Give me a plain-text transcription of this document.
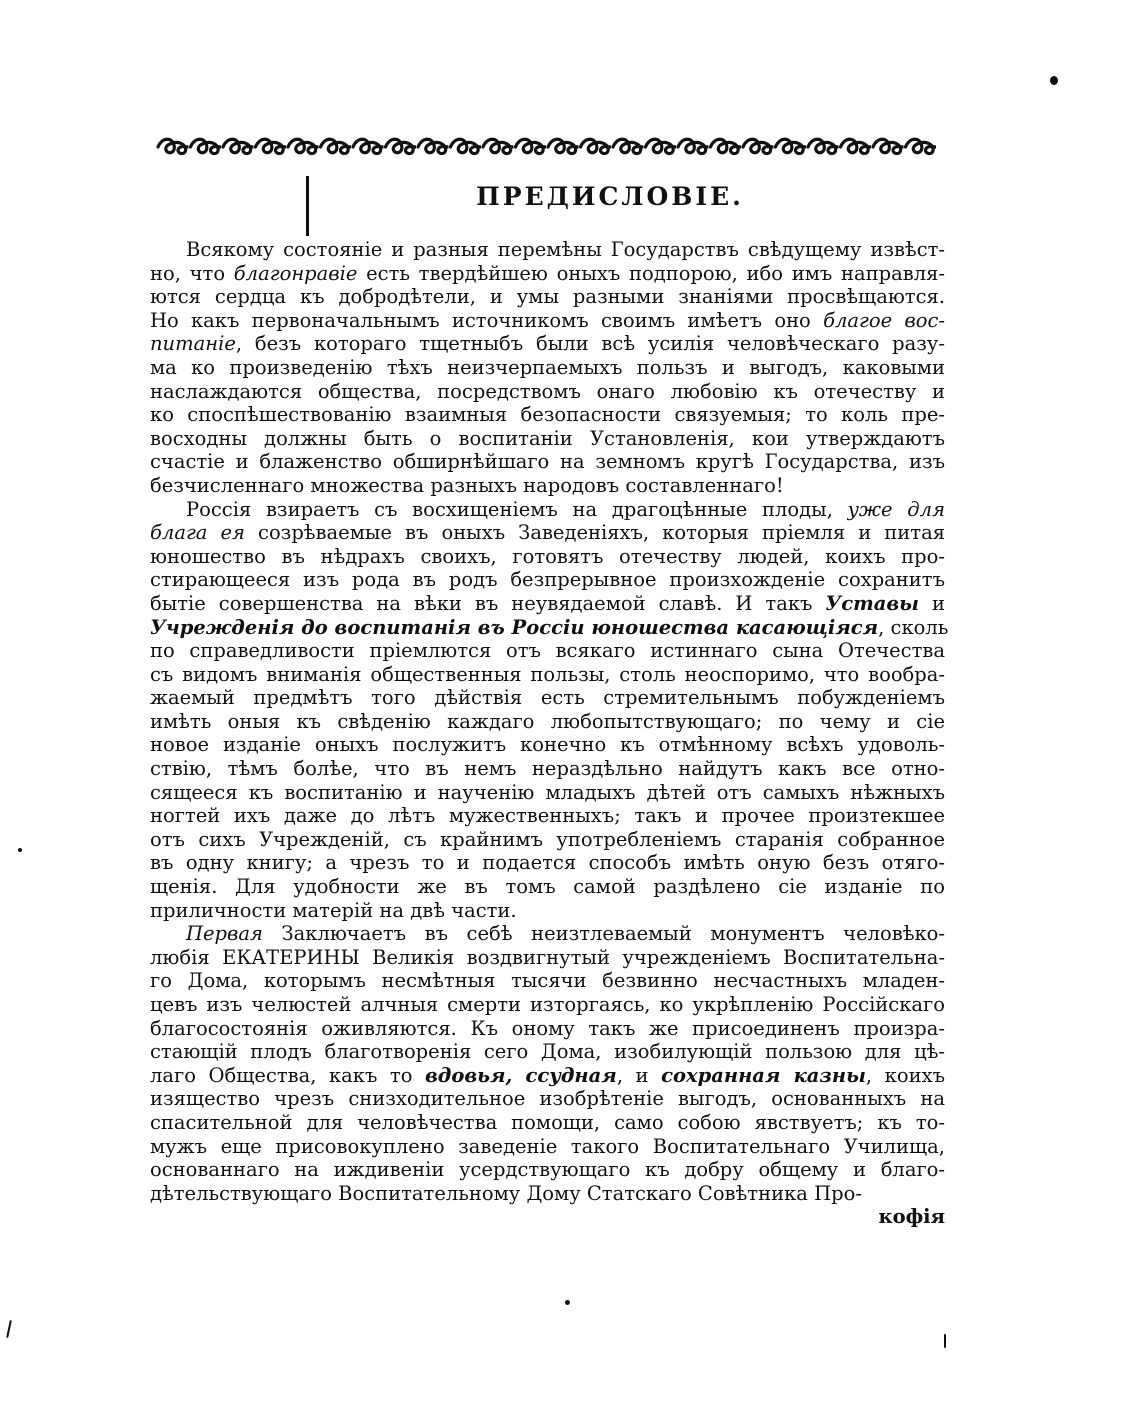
ПРЕДИСЛОВІЕ.
Всякому состояніе и разныя перемѣны Государствъ свѣдущему извѣст-
но, что благонравіе есть твердѣйшею оныхъ подпорою, ибо имъ направля-
ются сердца къ добродѣтели, и умы разными знаніями просвѣщаются.
Но какъ первоначальнымъ источникомъ своимъ имѣетъ оно благое вос-
питаніе, безъ котораго тщетныбъ были всѣ усилія человѣческаго разу-
ма ко произведенію тѣхъ неизчерпаемыхъ пользъ и выгодъ, каковыми
наслаждаются общества, посредствомъ онаго любовію къ отечеству и
ко споспѣшествованію взаимныя безопасности связуемыя; то коль пре-
восходны должны быть о воспитаніи Установленія, кои утверждаютъ
счастіе и блаженство обширнѣйшаго на земномъ кругѣ Государства, изъ
безчисленнаго множества разныхъ народовъ составленнаго!
Россія взираетъ съ восхищеніемъ на драгоцѣнные плоды, уже для
блага ея созрѣваемые въ оныхъ Заведеніяхъ, которыя пріемля и питая
юношество въ нѣдрахъ своихъ, готовятъ отечеству людей, коихъ про-
стирающееся изъ рода въ родъ безпрерывное произхожденіе сохранитъ
бытіе совершенства на вѣки въ неувядаемой славѣ. И такъ Уставы и
Учрежденія до воспитанія въ Россіи юношества касающіяся, сколь
по справедливости пріемлются отъ всякаго истиннаго сына Отечества
съ видомъ вниманія общественныя пользы, столь неоспоримо, что вообра-
жаемый предмѣтъ того дѣйствія есть стремительнымъ побужденіемъ
имѣть оныя къ свѣденію каждаго любопытствующаго; по чему и сіе
новое изданіе оныхъ послужитъ конечно къ отмѣнному всѣхъ удоволь-
ствію, тѣмъ болѣе, что въ немъ нераздѣльно найдутъ какъ все отно-
сящееся къ воспитанію и наученію младыхъ дѣтей отъ самыхъ нѣжныхъ
ногтей ихъ даже до лѣтъ мужественныхъ; такъ и прочее произтекшее
отъ сихъ Учрежденій, съ крайнимъ употребленіемъ старанія собранное
въ одну книгу; а чрезъ то и подается способъ имѣть оную безъ отяго-
щенія. Для удобности же въ томъ самой раздѣлено сіе изданіе по
приличности матерій на двѣ части.
Первая Заключаетъ въ себѣ неизтлеваемый монументъ человѣко-
любія ЕКАТЕРИНЫ Великія воздвигнутый учрежденіемъ Воспитательна-
го Дома, которымъ несмѣтныя тысячи безвинно несчастныхъ младен-
цевъ изъ челюстей алчныя смерти изторгаясь, ко укрѣпленію Россійскаго
благосостоянія оживляются. Къ оному такъ же присоединенъ произра-
стающій плодъ благотворенія сего Дома, изобилующій пользою для цѣ-
лаго Общества, какъ то вдовья, ссудная, и сохранная казны, коихъ
изящество чрезъ снизходительное изобрѣтеніе выгодъ, основанныхъ на
спасительной для человѣчества помощи, само собою явствуетъ; къ то-
мужъ еще присовокуплено заведеніе такого Воспитательнаго Училища,
основаннаго на иждивеніи усердствующаго къ добру общему и благо-
дѣтельствующаго Воспитательному Дому Статскаго Совѣтника Про-
кофія
